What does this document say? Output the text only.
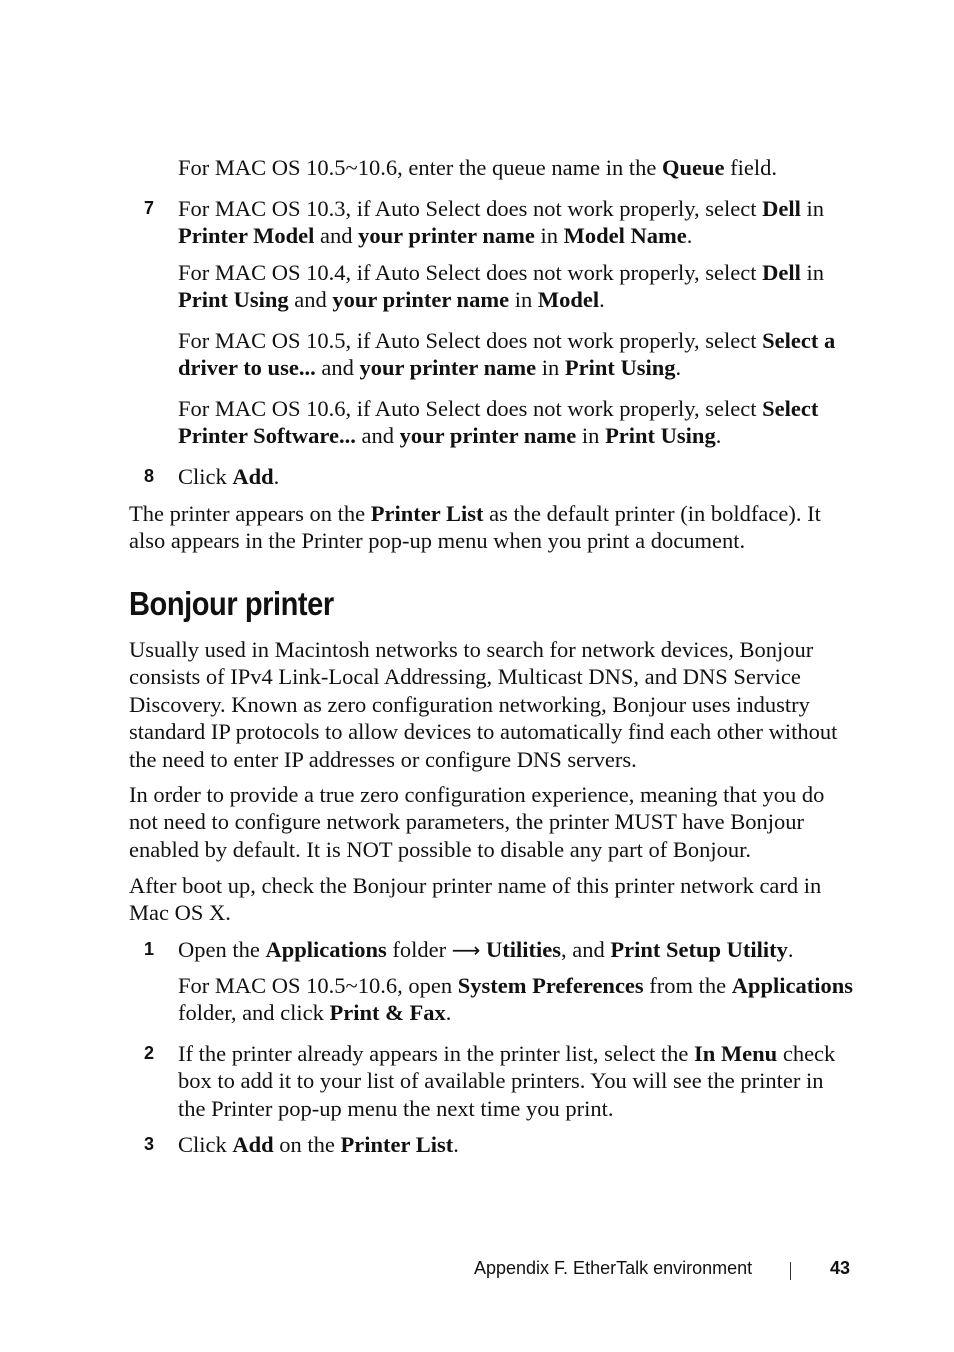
For MAC OS 10.5~10.6, enter the queue name in the Queue field.
7 For MAC OS 10.3, if Auto Select does not work properly, select Dell in Printer Model and your printer name in Model Name.
For MAC OS 10.4, if Auto Select does not work properly, select Dell in Print Using and your printer name in Model.
For MAC OS 10.5, if Auto Select does not work properly, select Select a driver to use... and your printer name in Print Using.
For MAC OS 10.6, if Auto Select does not work properly, select Select Printer Software... and your printer name in Print Using.
8 Click Add.
The printer appears on the Printer List as the default printer (in boldface). It also appears in the Printer pop-up menu when you print a document.
Bonjour printer
Usually used in Macintosh networks to search for network devices, Bonjour consists of IPv4 Link-Local Addressing, Multicast DNS, and DNS Service Discovery. Known as zero configuration networking, Bonjour uses industry standard IP protocols to allow devices to automatically find each other without the need to enter IP addresses or configure DNS servers.
In order to provide a true zero configuration experience, meaning that you do not need to configure network parameters, the printer MUST have Bonjour enabled by default. It is NOT possible to disable any part of Bonjour.
After boot up, check the Bonjour printer name of this printer network card in Mac OS X.
1 Open the Applications folder ⟶ Utilities, and Print Setup Utility.
For MAC OS 10.5~10.6, open System Preferences from the Applications folder, and click Print & Fax.
2 If the printer already appears in the printer list, select the In Menu check box to add it to your list of available printers. You will see the printer in the Printer pop-up menu the next time you print.
3 Click Add on the Printer List.
Appendix F. EtherTalk environment	43
